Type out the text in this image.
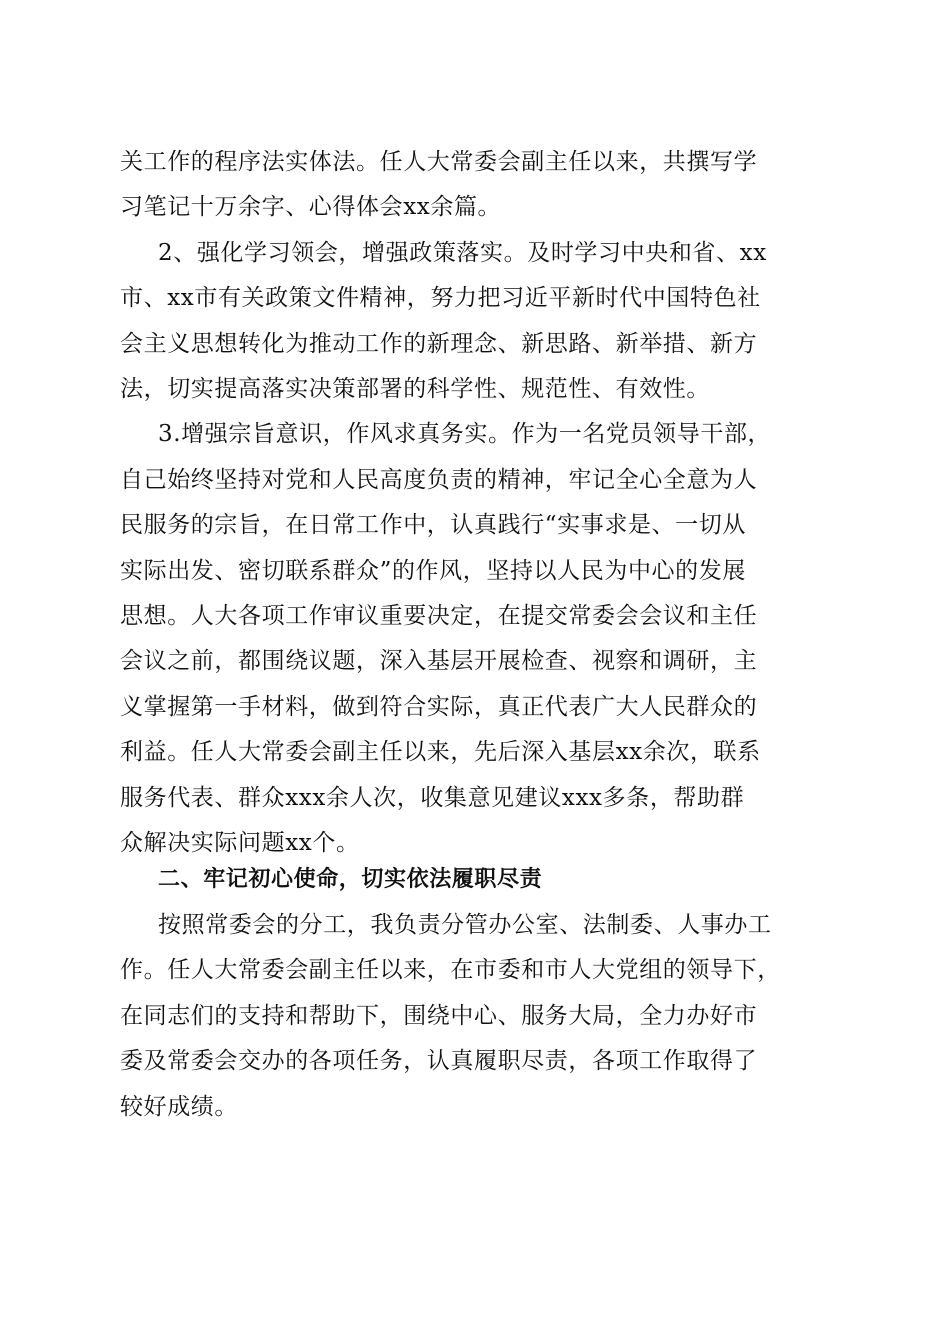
关工作的程序法实体法。任人大常委会副主任以来，共撰写学
习笔记十万余字、心得体会xx余篇。
2、强化学习领会，增强政策落实。及时学习中央和省、xx
市、xx市有关政策文件精神，努力把习近平新时代中国特色社
会主义思想转化为推动工作的新理念、新思路、新举措、新方
法，切实提高落实决策部署的科学性、规范性、有效性。
3.增强宗旨意识，作风求真务实。作为一名党员领导干部，
自己始终坚持对党和人民高度负责的精神，牢记全心全意为人
民服务的宗旨，在日常工作中，认真践行“实事求是、一切从
实际出发、密切联系群众”的作风，坚持以人民为中心的发展
思想。人大各项工作审议重要决定，在提交常委会会议和主任
会议之前，都围绕议题，深入基层开展检查、视察和调研，主
义掌握第一手材料，做到符合实际，真正代表广大人民群众的
利益。任人大常委会副主任以来，先后深入基层xx余次，联系
服务代表、群众xxx余人次，收集意见建议xxx多条，帮助群
众解决实际问题xx个。
二、牢记初心使命，切实依法履职尽责
按照常委会的分工，我负责分管办公室、法制委、人事办工
作。任人大常委会副主任以来，在市委和市人大党组的领导下，
在同志们的支持和帮助下，围绕中心、服务大局，全力办好市
委及常委会交办的各项任务，认真履职尽责，各项工作取得了
较好成绩。
